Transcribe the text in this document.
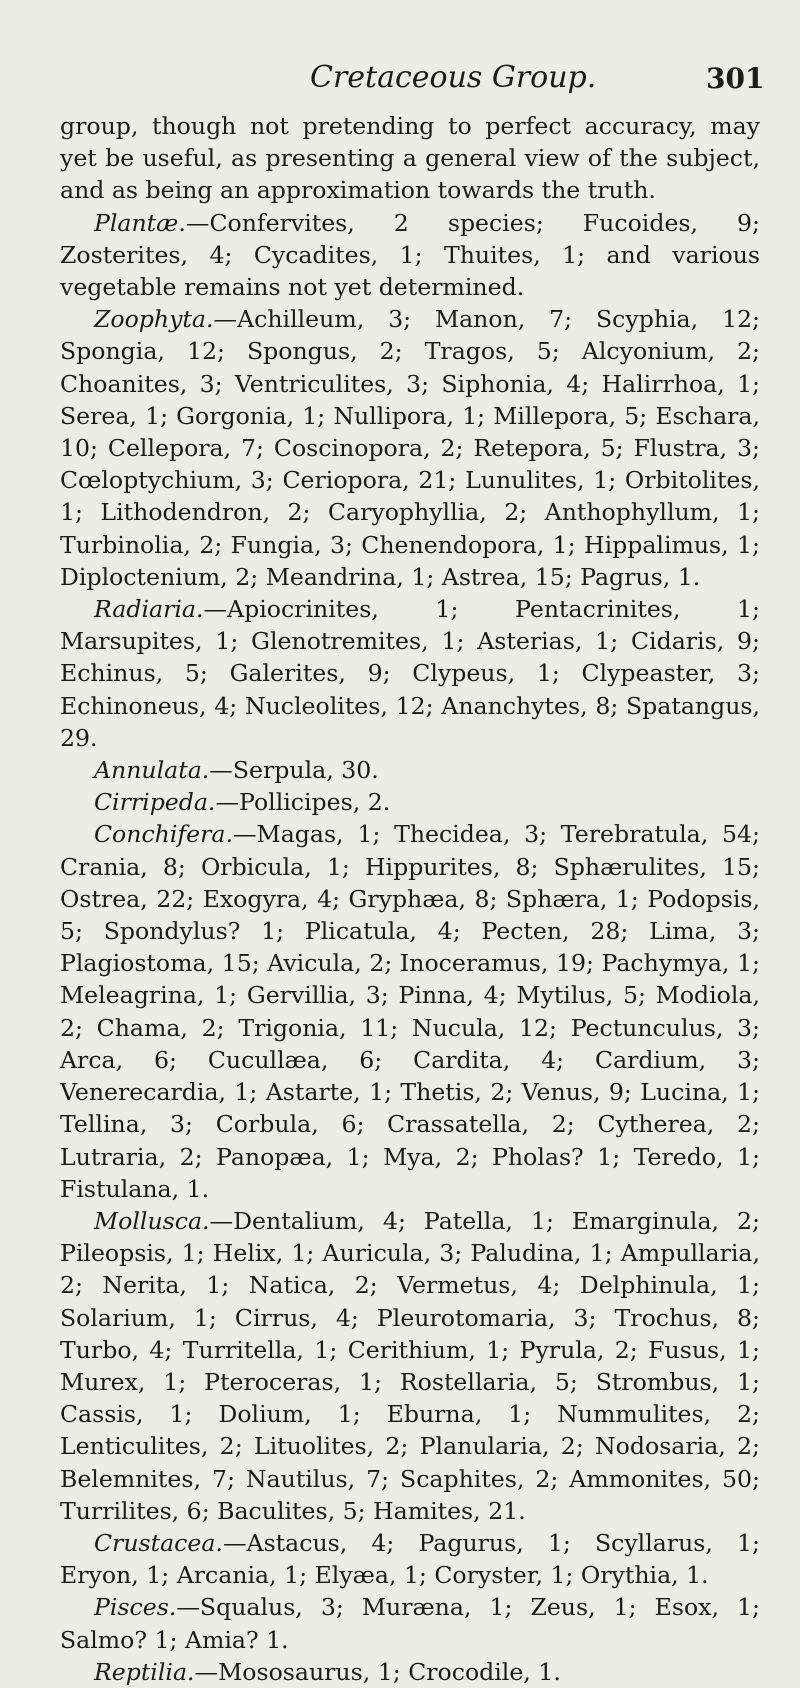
Cretaceous Group.	301

group, though not pretending to perfect accuracy, may yet be useful, as presenting a general view of the subject, and as being an approximation towards the truth.

Plantæ.—Confervites, 2 species; Fucoides, 9; Zosterites, 4; Cycadites, 1; Thuites, 1; and various vegetable remains not yet determined.

Zoophyta.—Achilleum, 3; Manon, 7; Scyphia, 12; Spongia, 12; Spongus, 2; Tragos, 5; Alcyonium, 2; Choanites, 3; Ventriculites, 3; Siphonia, 4; Halirrhoa, 1; Serea, 1; Gorgonia, 1; Nullipora, 1; Millepora, 5; Eschara, 10; Cellepora, 7; Coscinopora, 2; Retepora, 5; Flustra, 3; Cœloptychium, 3; Ceriopora, 21; Lunulites, 1; Orbitolites, 1; Lithodendron, 2; Caryophyllia, 2; Anthophyllum, 1; Turbinolia, 2; Fungia, 3; Chenendopora, 1; Hippalimus, 1; Diploctenium, 2; Meandrina, 1; Astrea, 15; Pagrus, 1.

Radiaria.—Apiocrinites, 1; Pentacrinites, 1; Marsupites, 1; Glenotremites, 1; Asterias, 1; Cidaris, 9; Echinus, 5; Galerites, 9; Clypeus, 1; Clypeaster, 3; Echinoneus, 4; Nucleolites, 12; Ananchytes, 8; Spatangus, 29.

Annulata.—Serpula, 30.

Cirripeda.—Pollicipes, 2.

Conchifera.—Magas, 1; Thecidea, 3; Terebratula, 54; Crania, 8; Orbicula, 1; Hippurites, 8; Sphærulites, 15; Ostrea, 22; Exogyra, 4; Gryphæa, 8; Sphæra, 1; Podopsis, 5; Spondylus? 1; Plicatula, 4; Pecten, 28; Lima, 3; Plagiostoma, 15; Avicula, 2; Inoceramus, 19; Pachymya, 1; Meleagrina, 1; Gervillia, 3; Pinna, 4; Mytilus, 5; Modiola, 2; Chama, 2; Trigonia, 11; Nucula, 12; Pectunculus, 3; Arca, 6; Cucullæa, 6; Cardita, 4; Cardium, 3; Venerecardia, 1; Astarte, 1; Thetis, 2; Venus, 9; Lucina, 1; Tellina, 3; Corbula, 6; Crassatella, 2; Cytherea, 2; Lutraria, 2; Panopæa, 1; Mya, 2; Pholas? 1; Teredo, 1; Fistulana, 1.

Mollusca.—Dentalium, 4; Patella, 1; Emarginula, 2; Pileopsis, 1; Helix, 1; Auricula, 3; Paludina, 1; Ampullaria, 2; Nerita, 1; Natica, 2; Vermetus, 4; Delphinula, 1; Solarium, 1; Cirrus, 4; Pleurotomaria, 3; Trochus, 8; Turbo, 4; Turritella, 1; Cerithium, 1; Pyrula, 2; Fusus, 1; Murex, 1; Pteroceras, 1; Rostellaria, 5; Strombus, 1; Cassis, 1; Dolium, 1; Eburna, 1; Nummulites, 2; Lenticulites, 2; Lituolites, 2; Planularia, 2; Nodosaria, 2; Belemnites, 7; Nautilus, 7; Scaphites, 2; Ammonites, 50; Turrilites, 6; Baculites, 5; Hamites, 21.

Crustacea.—Astacus, 4; Pagurus, 1; Scyllarus, 1; Eryon, 1; Arcania, 1; Elyæa, 1; Coryster, 1; Orythia, 1.

Pisces.—Squalus, 3; Muræna, 1; Zeus, 1; Esox, 1; Salmo? 1; Amia? 1.

Reptilia.—Mososaurus, 1; Crocodile, 1.
